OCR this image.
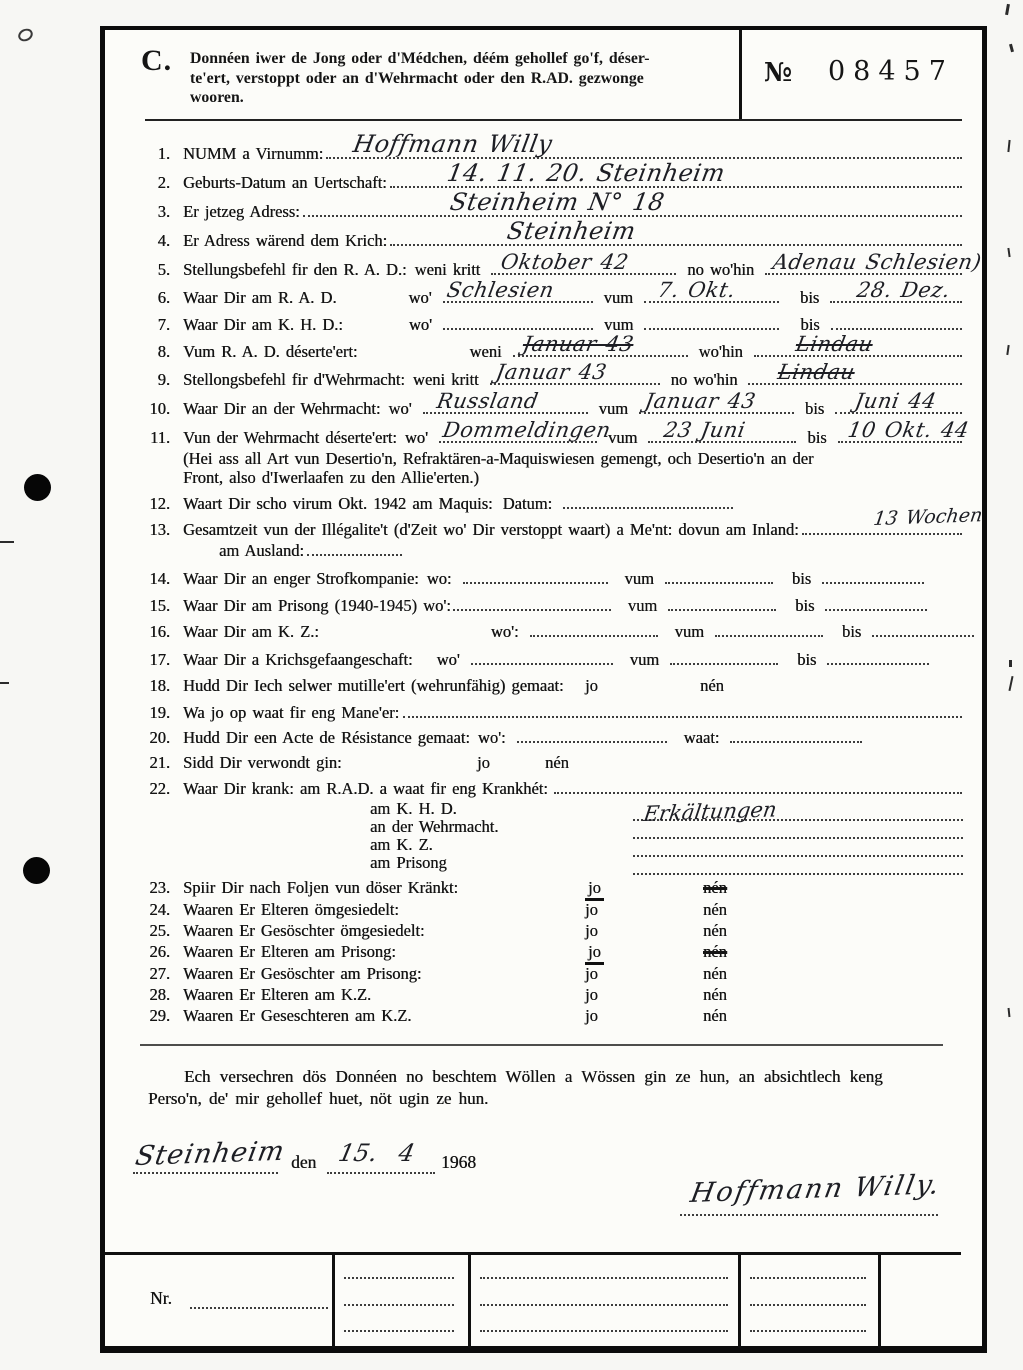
C. Donnéen iwer de Jong oder d'Médchen, déém gehollef go'f, déser-
te'ert, verstoppt oder an d'Wehrmacht oder den R.AD. gezwonge
wooren.
№ 08457
1. NUMM a Virnumm: Hoffmann Willy
2. Geburts-Datum an Uertschaft: 14. 11. 20. Steinheim
3. Er jetzeg Adress:	Steinheim N° 18
4. Er Adress wärend dem Krich:	Steinheim
5. Stellungsbefehl fir den R. A. D.: weni kritt Oktober 42	no wo'hin Adenau Schlesien)
6. Waar Dir am R. A. D.	wo' Schlesien	vum 7. Okt.	bis 28. Dez.
7. Waar Dir am K. H. D.:	wo'	vum	bis
8. Vum R. A. D. déserte'ert:	weni Januar 43	wo'hin Lindau
9. Stellongsbefehl fir d'Wehrmacht: weni kritt Januar 43	no wo'hin Lindau
10. Waar Dir an der Wehrmacht: wo' Russland	vum Januar 43	bis Juni 44
11. Vun der Wehrmacht déserte'ert: wo' Dommeldingen
vum 23 Juni	bis 10 Okt. 44
(Hei ass all Art vun Desertio'n, Refraktären-a-Maquiswiesen gemengt, och Desertio'n an der
Front, also d'Iwerlaafen zu den Allie'erten.)
12. Waart Dir scho virum Okt. 1942 am Maquis: Datum:
13. Gesamtzeit vun der Illégalite't (d'Zeit wo' Dir verstoppt waart) a Me'nt: dovun am Inland:	13 Wochen
am Ausland:
14. Waar Dir an enger Strofkompanie: wo:	vum	bis
15. Waar Dir am Prisong (1940-1945) wo':	vum	bis
16. Waar Dir am K. Z.:	wo':	vum	bis
17. Waar Dir a Krichsgefaangeschaft: wo'	vum	bis
18. Hudd Dir Iech selwer mutille'ert (wehrunfähig) gemaat: jo	nén
19. Wa jo op waat fir eng Mane'er:
20. Hudd Dir een Acte de Résistance gemaat: wo':	waat:
21. Sidd Dir verwondt gin:	jo	nén
22. Waar Dir krank: am R.A.D. a waat fir eng Krankhét:
am K. H. D.
an der Wehrmacht.
Erkältungen
am K. Z.
am Prisong
23. Spiir Dir nach Foljen vun döser Kränkt:	jo	nén
24. Waaren Er Elteren ömgesiedelt:	jo	nén
25. Waaren Er Gesöschter ömgesiedelt:	jo	nén
26. Waaren Er Elteren am Prisong:	jo	nén
27. Waaren Er Gesöschter am Prisong:	jo	nén
28. Waaren Er Elteren am K.Z.	jo	nén
29. Waaren Er Geseschteren am K.Z.	jo	nén
Ech versechren dös Donnéen no beschtem Wöllen a Wössen gin ze hun, an absichtlech keng
Perso'n, de' mir gehollef huet, nöt ugin ze hun.
Steinheim den 15. 4 1968
Hoffmann Willy.
Nr.
